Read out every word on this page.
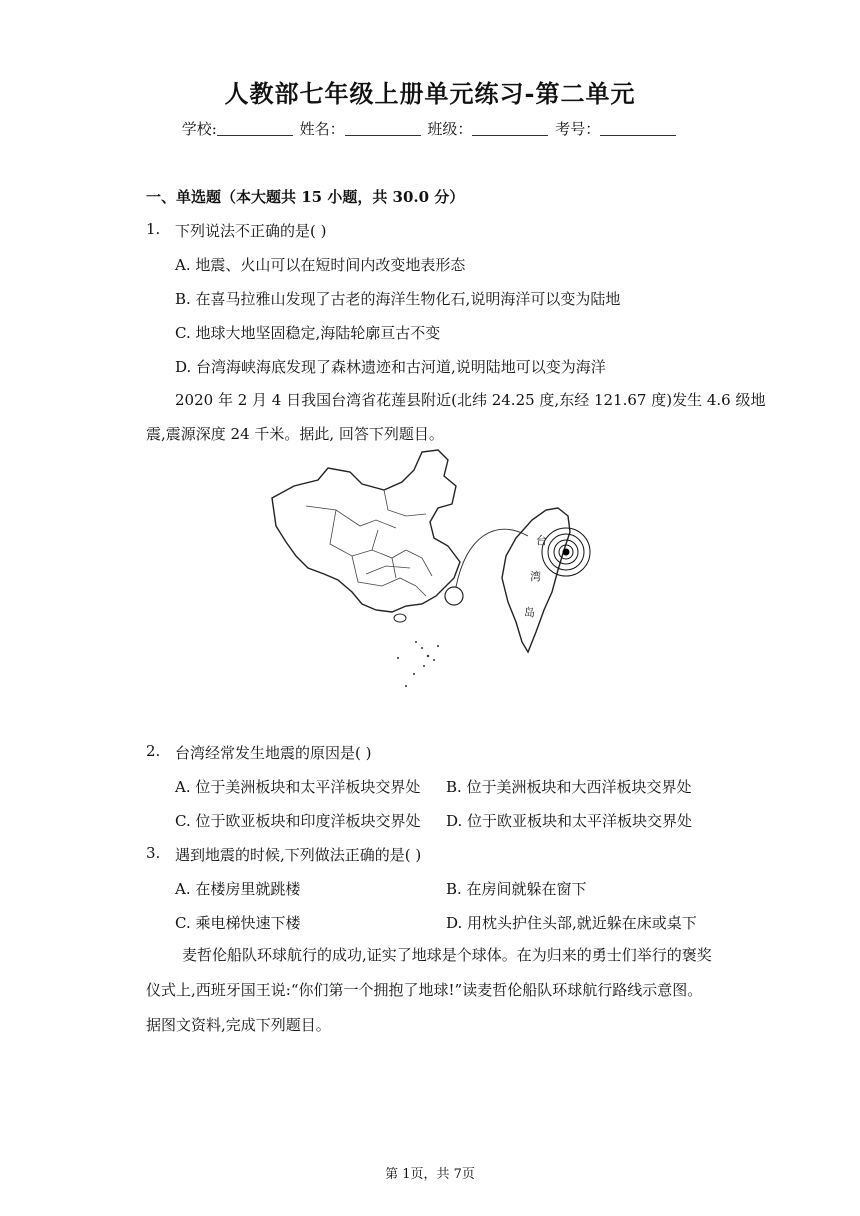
人教部七年级上册单元练习-第二单元
学校:	姓名：	班级：	考号：
一、单选题（本大题共 15 小题，共 30.0 分）
1. 下列说法不正确的是( )
A. 地震、火山可以在短时间内改变地表形态
B. 在喜马拉雅山发现了古老的海洋生物化石,说明海洋可以变为陆地
C. 地球大地坚固稳定,海陆轮廓亘古不变
D. 台湾海峡海底发现了森林遗迹和古河道,说明陆地可以变为海洋
2020 年 2 月 4 日我国台湾省花莲县附近(北纬 24.25 度,东经 121.67 度)发生 4.6 级地
震,震源深度 24 千米。据此, 回答下列题目。
台
湾
岛
2. 台湾经常发生地震的原因是( )
A. 位于美洲板块和太平洋板块交界处 B. 位于美洲板块和大西洋板块交界处
C. 位于欧亚板块和印度洋板块交界处 D. 位于欧亚板块和太平洋板块交界处
3. 遇到地震的时候,下列做法正确的是( )
A. 在楼房里就跳楼	B. 在房间就躲在窗下
C. 乘电梯快速下楼	D. 用枕头护住头部,就近躲在床或桌下
麦哲伦船队环球航行的成功,证实了地球是个球体。在为归来的勇士们举行的褒奖
仪式上,西班牙国王说:“你们第一个拥抱了地球!”读麦哲伦船队环球航行路线示意图。
据图文资料,完成下列题目。
第 1页，共 7页
